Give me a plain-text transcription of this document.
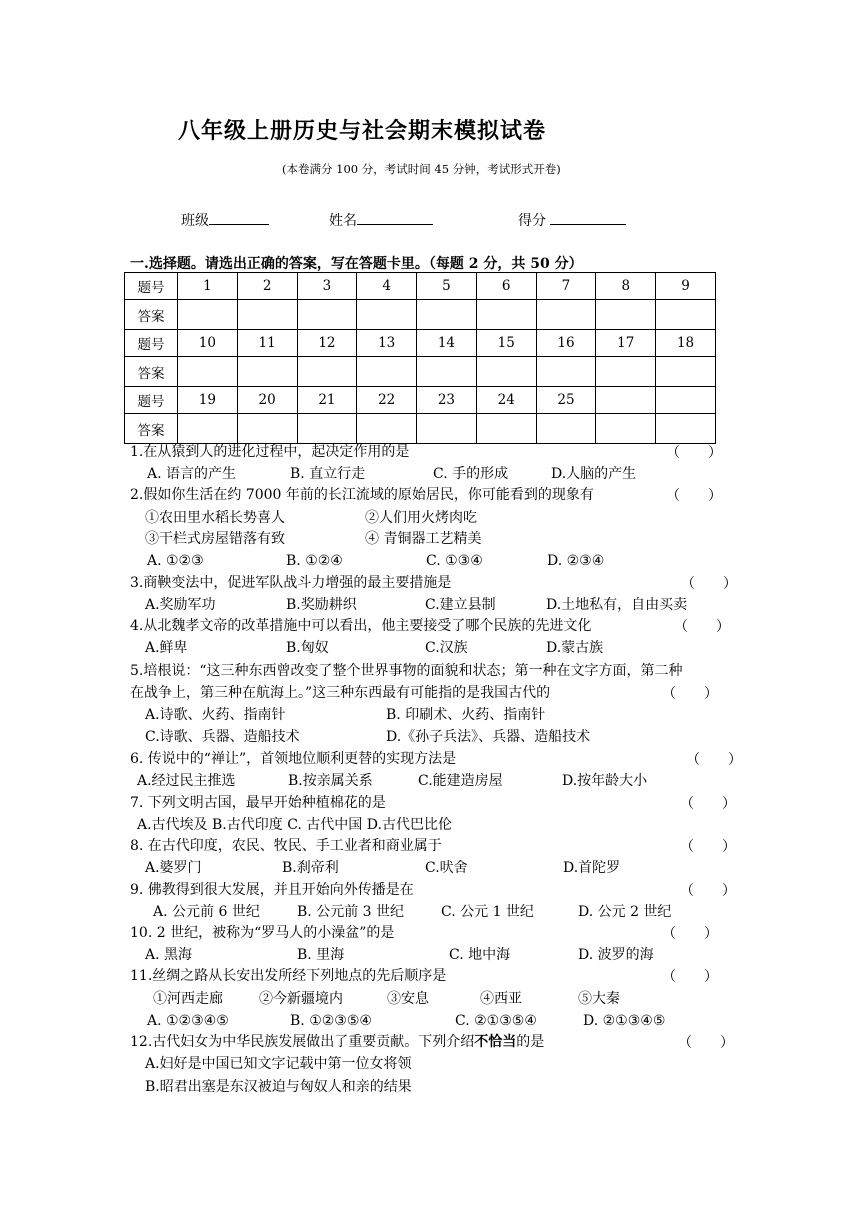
八年级上册历史与社会期末模拟试卷
(本卷满分 100 分，考试时间 45 分钟，考试形式开卷)
班级	姓名	得分
一.选择题。请选出正确的答案，写在答题卡里。（每题 2 分，共 50 分）
题号	1	2	3	4	5	6	7	8	9
答案									
题号	10	11	12	13	14	15	16	17	18
答案									
题号	19	20	21	22	23	24	25		
答案									
1.在从猿到人的进化过程中，起决定作用的是	（　　）
A. 语言的产生	B. 直立行走	C. 手的形成	D.人脑的产生
2.假如你生活在约 7000 年前的长江流域的原始居民，你可能看到的现象有	（　　）
①农田里水稻长势喜人	②人们用火烤肉吃
③干栏式房屋错落有致	④ 青铜器工艺精美
A. ①②③	B. ①②④	C. ①③④	D. ②③④
3.商鞅变法中，促进军队战斗力增强的最主要措施是	（　　）
A.奖励军功	B.奖励耕织	C.建立县制	D.土地私有，自由买卖
4.从北魏孝文帝的改革措施中可以看出，他主要接受了哪个民族的先进文化	（　　）
A.鲜卑	B.匈奴	C.汉族	D.蒙古族
5.培根说：“这三种东西曾改变了整个世界事物的面貌和状态；第一种在文字方面，第二种
在战争上，第三种在航海上。”这三种东西最有可能指的是我国古代的	（　　）
A.诗歌、火药、指南针	B. 印刷术、火药、指南针
C.诗歌、兵器、造船技术	D.《孙子兵法》、兵器、造船技术
6. 传说中的“禅让”，首领地位顺利更替的实现方法是	（　　）
A.经过民主推选	B.按亲属关系	C.能建造房屋	D.按年龄大小
7. 下列文明古国，最早开始种植棉花的是	（　　）
A.古代埃及 B.古代印度 C. 古代中国 D.古代巴比伦
8. 在古代印度，农民、牧民、手工业者和商业属于	（　　）
A.婆罗门	B.刹帝利	C.吠舍	D.首陀罗
9. 佛教得到很大发展，并且开始向外传播是在	（　　）
A. 公元前 6 世纪	B. 公元前 3 世纪	C. 公元 1 世纪	D. 公元 2 世纪
10. 2 世纪，被称为“罗马人的小澡盆”的是	（　　）
A. 黑海	B. 里海	C. 地中海	D. 波罗的海
11.丝绸之路从长安出发所经下列地点的先后顺序是	（　　）
①河西走廊	②今新疆境内	③安息	④西亚	⑤大秦
A. ①②③④⑤	B. ①②③⑤④	C. ②①③⑤④	D. ②①③④⑤
12.古代妇女为中华民族发展做出了重要贡献。下列介绍不恰当的是	（　　）
A.妇好是中国已知文字记载中第一位女将领
B.昭君出塞是东汉被迫与匈奴人和亲的结果
